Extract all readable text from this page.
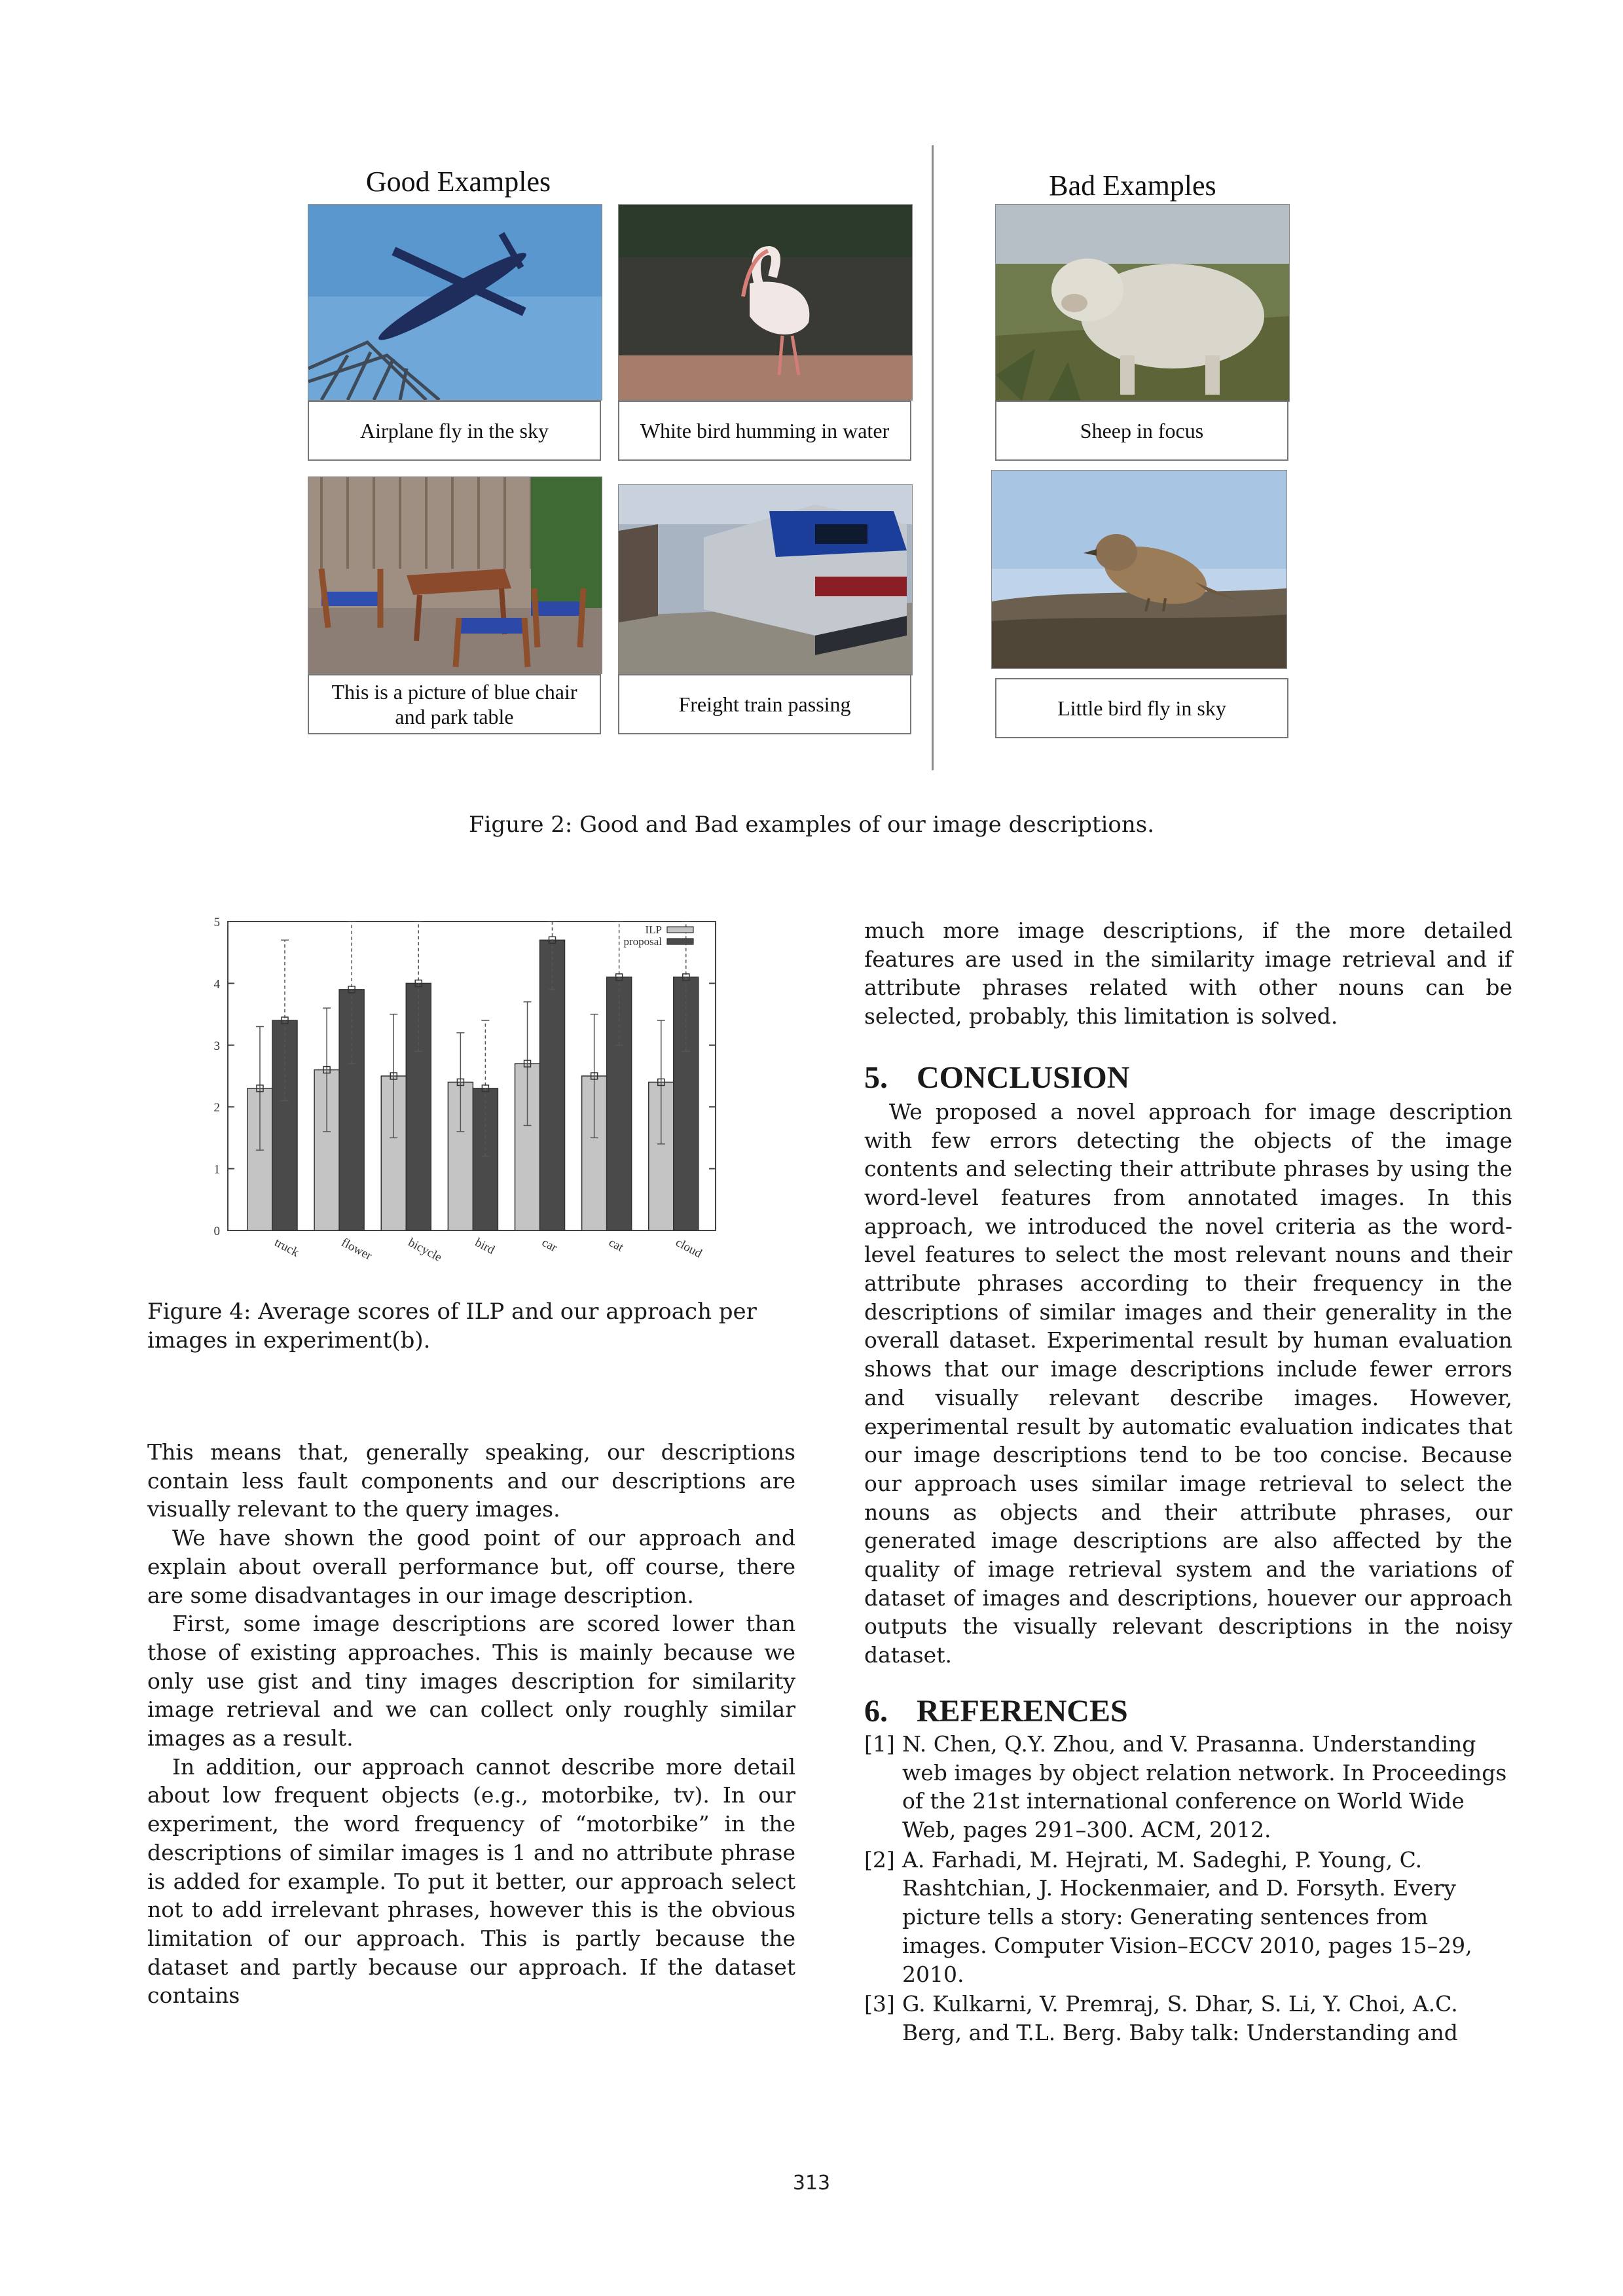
Good Examples	Bad Examples
Airplane fly in the sky	White bird humming in water	Sheep in focus
This is a picture of blue chair and park table
Freight train passing	Little bird fly in sky
Figure 2: Good and Bad examples of our image descriptions.
0
1
2
3
4
5
truck	flower	bicycle bird	car	cat	cloud
ILP
proposal
Figure 4: Average scores of ILP and our approach per images in experiment(b).

This means that, generally speaking, our descriptions contain less fault components and our descriptions are visually relevant to the query images.

We have shown the good point of our approach and explain about overall performance but, off course, there are some disadvantages in our image description.

First, some image descriptions are scored lower than those of existing approaches. This is mainly because we only use gist and tiny images description for similarity image retrieval and we can collect only roughly similar images as a result.

In addition, our approach cannot describe more detail about low frequent objects (e.g., motorbike, tv). In our experiment, the word frequency of “motorbike” in the descriptions of similar images is 1 and no attribute phrase is added for example. To put it better, our approach select not to add irrelevant phrases, however this is the obvious limitation of our approach. This is partly because the dataset and partly because our approach. If the dataset contains

much more image descriptions, if the more detailed features are used in the similarity image retrieval and if attribute phrases related with other nouns can be selected, probably, this limitation is solved.

5. CONCLUSION

We proposed a novel approach for image description with few errors detecting the objects of the image contents and selecting their attribute phrases by using the word-level features from annotated images. In this approach, we introduced the novel criteria as the word-level features to select the most relevant nouns and their attribute phrases according to their frequency in the descriptions of similar images and their generality in the overall dataset. Experimental result by human evaluation shows that our image descriptions include fewer errors and visually relevant describe images. However, experimental result by automatic evaluation indicates that our image descriptions tend to be too concise. Because our approach uses similar image retrieval to select the nouns as objects and their attribute phrases, our generated image descriptions are also affected by the quality of image retrieval system and the variations of dataset of images and descriptions, houever our approach outputs the visually relevant descriptions in the noisy dataset.

6. REFERENCES
[1] N. Chen, Q.Y. Zhou, and V. Prasanna. Understanding web images by object relation network. In Proceedings of the 21st international conference on World Wide Web, pages 291–300. ACM, 2012.
[2] A. Farhadi, M. Hejrati, M. Sadeghi, P. Young, C. Rashtchian, J. Hockenmaier, and D. Forsyth. Every picture tells a story: Generating sentences from images. Computer Vision–ECCV 2010, pages 15–29, 2010.
[3] G. Kulkarni, V. Premraj, S. Dhar, S. Li, Y. Choi, A.C. Berg, and T.L. Berg. Baby talk: Understanding and
313
